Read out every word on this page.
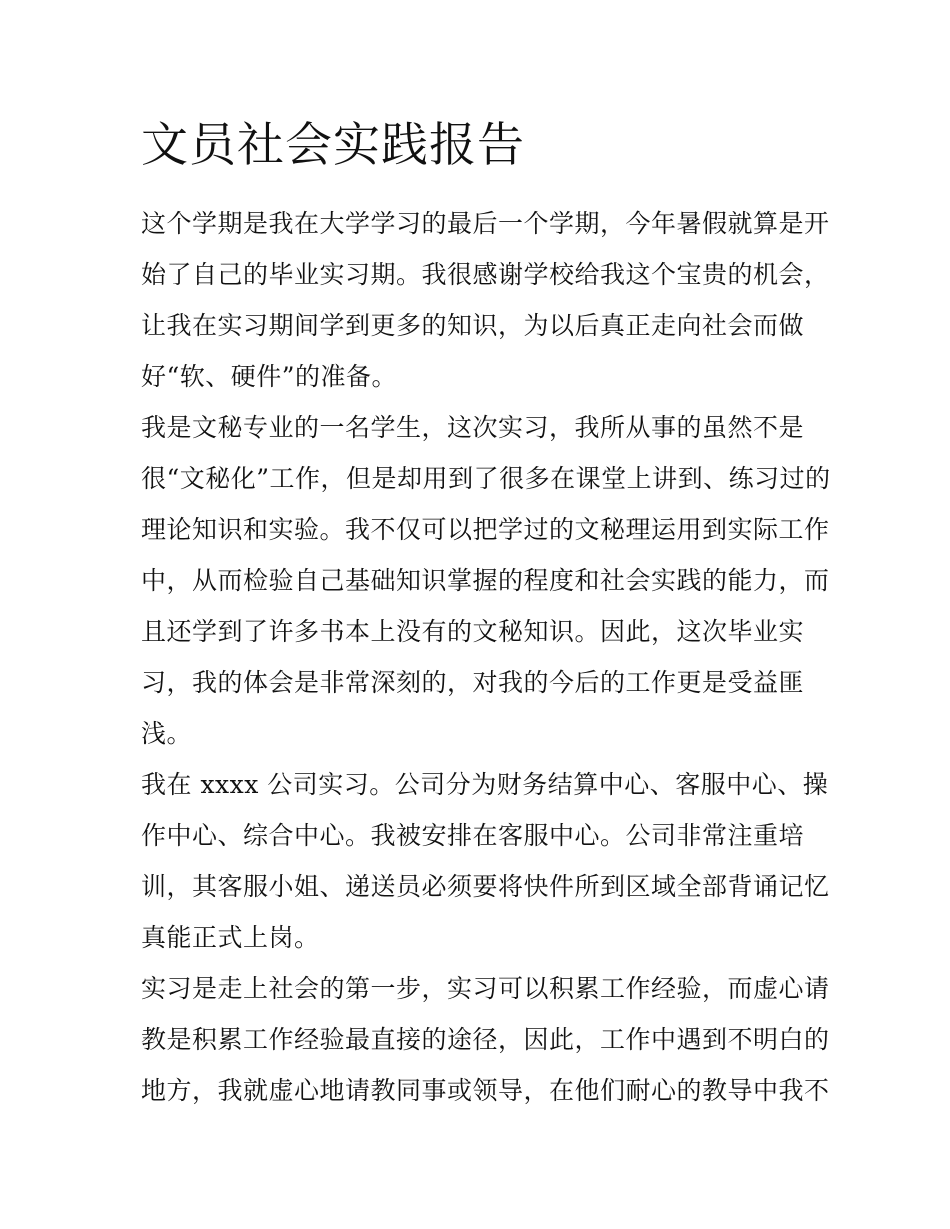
文员社会实践报告
这个学期是我在大学学习的最后一个学期，今年暑假就算是开
始了自己的毕业实习期。我很感谢学校给我这个宝贵的机会，
让我在实习期间学到更多的知识，为以后真正走向社会而做
好“软、硬件”的准备。
我是文秘专业的一名学生，这次实习，我所从事的虽然不是
很“文秘化”工作，但是却用到了很多在课堂上讲到、练习过的
理论知识和实验。我不仅可以把学过的文秘理运用到实际工作
中，从而检验自己基础知识掌握的程度和社会实践的能力，而
且还学到了许多书本上没有的文秘知识。因此，这次毕业实
习，我的体会是非常深刻的，对我的今后的工作更是受益匪
浅。
我在 xxxx 公司实习。公司分为财务结算中心、客服中心、操
作中心、综合中心。我被安排在客服中心。公司非常注重培
训，其客服小姐、递送员必须要将快件所到区域全部背诵记忆
真能正式上岗。
实习是走上社会的第一步，实习可以积累工作经验，而虚心请
教是积累工作经验最直接的途径，因此，工作中遇到不明白的
地方，我就虚心地请教同事或领导，在他们耐心的教导中我不
